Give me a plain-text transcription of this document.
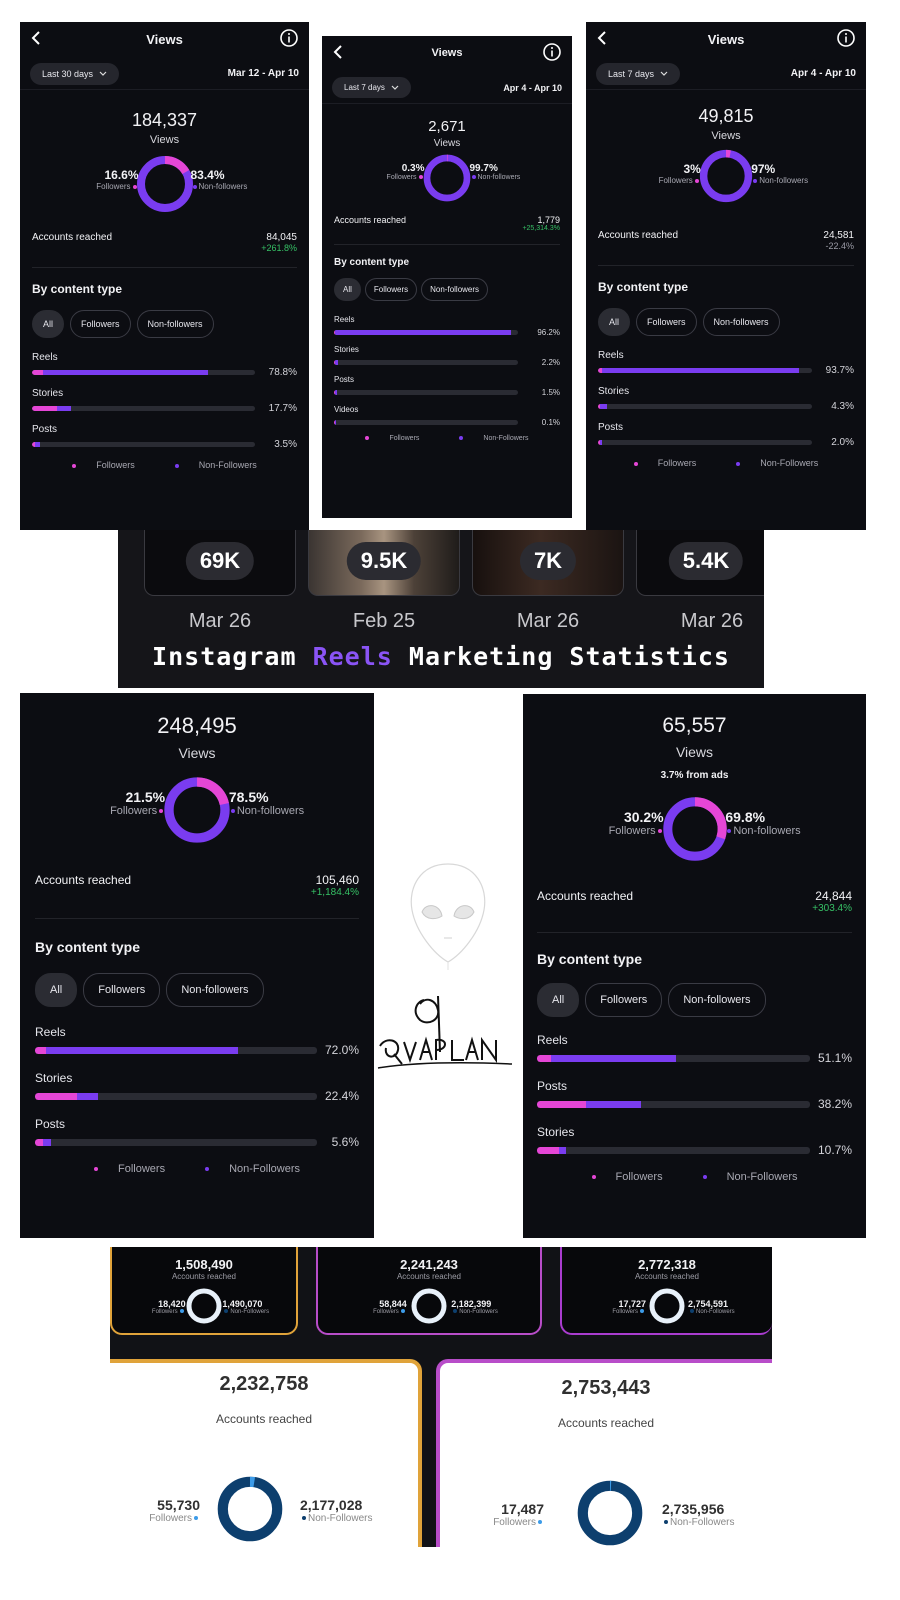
Views
Last 30 days	Mar 12 - Apr 10
184,337
Views
16.6%
Followers
83.4%
Non-followers
Accounts reached	84,045
+261.8%
By content type
All	Followers	Non-followers
Reels
78.8%
Stories
17.7%
Posts
3.5%
Followers	Non-Followers
Views
Last 7 days	Apr 4 - Apr 10
2,671
Views
0.3%
Followers
99.7%
Non-followers
Accounts reached	1,779
+25,314.3%
By content type
All	Followers	Non-followers
Reels
96.2%
Stories
2.2%
Posts
1.5%
Videos
0.1%
Followers	Non-Followers
Views
Last 7 days	Apr 4 - Apr 10
49,815
Views
3%
Followers
97%
Non-followers
Accounts reached	24,581
-22.4%
By content type
All	Followers	Non-followers
Reels
93.7%
Stories
4.3%
Posts
2.0%
Followers	Non-Followers
69K	9.5K	7K	5.4K
Mar 26	Feb 25	Mar 26	Mar 26
Instagram Reels Marketing Statistics
248,495
Views
21.5%
Followers
78.5%
Non-followers
Accounts reached	105,460
+1,184.4%
By content type
All	Followers	Non-followers
Reels
72.0%
Stories
22.4%
Posts
5.6%
Followers	Non-Followers
65,557
Views
3.7% from ads
30.2%
Followers
69.8%
Non-followers
Accounts reached	24,844
+303.4%
By content type
All	Followers	Non-followers
Reels
51.1%
Posts
38.2%
Stories
10.7%
Followers	Non-Followers
1,508,490
Accounts reached
18,420
Followers
1,490,070
Non-Followers
2,241,243
Accounts reached
58,844
Followers
2,182,399
Non-Followers
2,772,318
Accounts reached
17,727
Followers
2,754,591
Non-Followers
2,232,758
Accounts reached
55,730
Followers
2,177,028
Non-Followers
2,753,443
Accounts reached
17,487
Followers
2,735,956
Non-Followers
